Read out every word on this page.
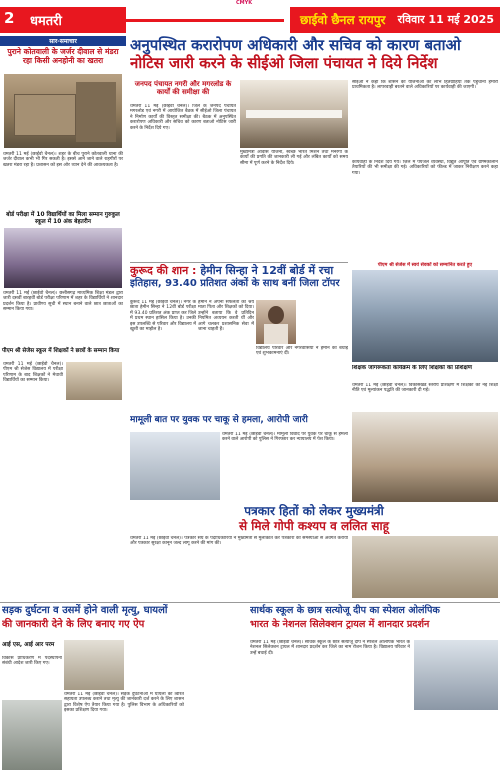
CMYK
2 धमतरी	छाईवो छैनल रायपुर रविवार 11 मई 2025
सार-समाचार
पुराने कोतवाली के जर्जर दीवाल से मंडरा रहा किसी अनहोनी का खतरा
धमतरी 11 मई (छाईवो चैनल)। शहर के बीच पुराने कोतवाली थाना की जर्जर दीवाल कभी भी गिर सकती है। इससे आने जाने वाले राहगीरों पर खतरा मंडरा रहा है। प्रशासन को इस ओर ध्यान देने की आवश्यकता है।
बोर्ड परीक्षा में 10 विद्यार्थियों का मिला सम्मान गुरुकुल स्कूल में 10 अंक बेहतरीन
धमतरी 11 मई (छाईवो चैनल)। छत्तीसगढ़ माध्यमिक शिक्षा मंडल द्वारा जारी दसवीं बारहवीं बोर्ड परीक्षा परिणाम में शहर के विद्यार्थियों ने शानदार प्रदर्शन किया है। प्रावीण्य सूची में स्थान बनाने वाले छात्र छात्राओं का सम्मान किया गया।
पीएम श्री सेजेस स्कूल में शिक्षकों ने छात्रों के सम्मान किया
धमतरी 11 मई (छाईवो चैनल)। पीएम श्री सेजेस विद्यालय में परीक्षा परिणाम के बाद शिक्षकों ने मेधावी विद्यार्थियों का सम्मान किया।
अनुपस्थित करारोपण अधिकारी और सचिव को कारण बताओ
नोटिस जारी करने के सीईओ जिला पंचायत ने दिये निर्देश
जनपद पंचायत नगरी और मगरलोड के कार्यों की समीक्षा की
धमतरी 11 मई (छाईवो चैनल)। जिले के जनपद पंचायत मगरलोड एवं नगरी में आयोजित बैठक में सीईओ जिला पंचायत ने निर्माण कार्यों की विस्तृत समीक्षा की। बैठक में अनुपस्थित करारोपण अधिकारी और सचिव को कारण बताओ नोटिस जारी करने के निर्देश दिये गए।
मुख्यमंत्री आवास योजना, स्वच्छ भारत मिशन तथा मनरेगा के कार्यों की प्रगति की जानकारी ली गई और लंबित कार्यों को समय सीमा में पूर्ण करने के निर्देश दिये।
सीईओ ने कहा कि शासन की योजनाओं का लाभ हितग्राहियों तक पहुंचाना हमारी प्राथमिकता है। लापरवाही बरतने वाले अधिकारियों पर कार्यवाही की जाएगी।
कार्यवाही के निर्देश दिये गये। जिले में पेयजल व्यवस्था, विद्युत आपूर्ति एवं ग्रीष्मकालीन तैयारियों की भी समीक्षा की गई। अधिकारियों को फील्ड में जाकर निरीक्षण करने कहा गया।
कुरूद की शान : हेमीन सिन्हा ने 12वीं बोर्ड में रचा
इतिहास, 93.40 प्रतिशत अंकों के साथ बनीं जिला टॉपर
कुरूद 11 मई (छाईवो चैनल)। नगर के छात्रा हेमीन सिन्हा ने 12वीं बोर्ड परीक्षा में 93.40 प्रतिशत अंक प्राप्त कर जिले में प्रथम स्थान हासिल किया है। उनकी इस उपलब्धि से परिवार और विद्यालय में खुशी का माहौल है।
हेमीन ने अपनी सफलता का श्रेय माता पिता और शिक्षकों को दिया। उन्होंने बताया कि वे प्रतिदिन नियमित अध्ययन करती थीं और आगे चलकर प्रशासनिक सेवा में जाना चाहती हैं।
विद्यालय परिवार और नगरवासियों ने हेमीन को बधाई एवं शुभकामनाएं दीं।
पीएम श्री सेजेस में स्वयं सेवकों को सम्मानित करते हुए
शिक्षक जागरूकता कार्यक्रम के लिए शिक्षकों का प्रशिक्षण
धमतरी 11 मई (छाईवो चैनल)। विकासखंड स्तरीय प्रशिक्षण में शिक्षकों को नई शिक्षा नीति एवं मूल्यांकन पद्धति की जानकारी दी गई।
मामूली बात पर युवक पर चाकू से हमला, आरोपी जारी
धमतरी 11 मई (छाईवो चैनल)। मामूली विवाद पर युवक पर चाकू से हमला करने वाले आरोपी को पुलिस ने गिरफ्तार कर न्यायालय में पेश किया।
पत्रकार हितों को लेकर मुख्यमंत्री
से मिले गोपी कश्यप व ललित साहू
धमतरी 11 मई (छाईवो चैनल)। पत्रकार संघ के पदाधिकारियों ने मुख्यमंत्री से मुलाकात कर पत्रकारों की समस्याओं से अवगत कराया और पत्रकार सुरक्षा कानून जल्द लागू करने की मांग की।
सड़क दुर्घटना व उसमें होने वाली मृत्यु, घायलों
की जानकारी देने के लिए बनाए गए ऐप
आई एस, आई आर परम
विकास प्राधिकरण में पदस्थापना संबंधी आदेश जारी किए गए।
धमतरी 11 मई (छाईवो चैनल)। सड़क दुर्घटनाओं में घायलों को त्वरित सहायता उपलब्ध कराने तथा मृत्यु की जानकारी दर्ज करने के लिए शासन द्वारा विशेष ऐप तैयार किया गया है। पुलिस विभाग के अधिकारियों को इसका प्रशिक्षण दिया गया।
सार्थक स्कूल के छात्र सत्योजू दीप का स्पेशल ओलंपिक
भारत के नेशनल सिलेक्शन ट्रायल में शानदार प्रदर्शन
धमतरी 11 मई (छाईवो चैनल)। सार्थक स्कूल के छात्र सत्योजू दीप ने स्पेशल ओलंपिक भारत के नेशनल सिलेक्शन ट्रायल में शानदार प्रदर्शन कर जिले का नाम रोशन किया है। विद्यालय परिवार ने उन्हें बधाई दी।
